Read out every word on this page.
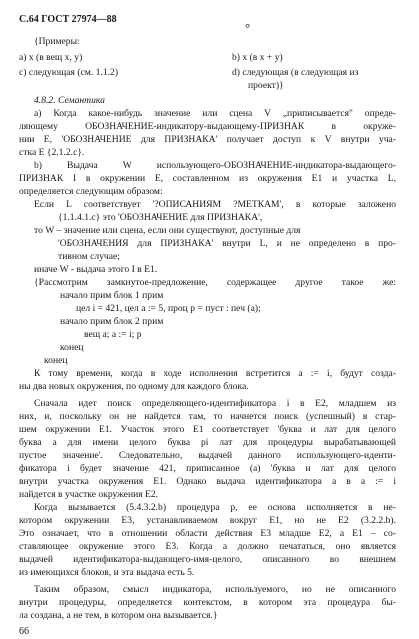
С.64 ГОСТ 27974—88
°
{Примеры:
а) x (в вещ x, y)	b) x (в x + y)
с) следующая (см. 1.1.2)	d) следующая (в следующая из
проект)}
4.8.2. Семантика
а) Когда какое-нибудь значение или сцена V „приписывается" опреде-
ляющему ОБОЗНАЧЕНИЕ-индикатору-выдающему-ПРИЗНАК в окруже-
нии E, 'ОБОЗНАЧЕНИЕ для ПРИЗНАКА' получает доступ к V внутри уча-
стка E {2.1.2.с}.
b) Выдача W использующего-ОБОЗНАЧЕНИЕ-индикатора-выдающего-
ПРИЗНАК I в окружении E, составленном из окружения E1 и участка L,
определяется следующим образом:
Если L соответствует '?ОПИСАНИЯМ ?МЕТКАМ', в которые заложено
{1.1.4.1.с} это 'ОБОЗНАЧЕНИЕ для ПРИЗНАКА',
то W – значение или сцена, если они существуют, доступные для
'ОБОЗНАЧЕНИЯ для ПРИЗНАКА' внутри L, и не определено в про-
тивном случае;
иначе W - выдача этого I в E1.
{Рассмотрим замкнутое-предложение, содержащее другое такое же:
начало прим блок 1 прим
цел i = 421, цел а := 5, проц p = пуст : печ (а);
начало прим блок 2 прим
вещ а; а := i; p
конец
конец
К тому времени, когда в ходе исполнения встретится а := i, будут созда-
ны два новых окружения, по одному для каждого блока.
Сначала идет поиск определяющего-идентификатора i в E2, младшем из
них, и, поскольку он не найдется там, то начнется поиск (успешный) в стар-
шем окружении E1. Участок этого E1 соответствует 'буква и лат для целого
буква а для имени целого буква pi лат для процедуры вырабатывающей
пустое значение'. Следовательно, выдачей данного использующего-иденти-
фикатора i будет значение 421, приписанное (а) 'буква и лат для целого
внутри участка окружения E1. Однако выдача идентификатора а в а := i
найдется в участке окружения E2.
Когда вызывается (5.4.3.2.b) процедура p, ее основа исполняется в не-
котором окружении E3, устанавливаемом вокруг E1, но не E2 (3.2.2.b).
Это означает, что в отношении области действия E3 младше E2, а E1 – со-
ставляющее окружение этого E3. Когда а должно печататься, оно является
выдачей идентификатора-выдающего-имя-целого, описанного во внешнем
из имеющихся блоков, и эта выдача есть 5.
Таким образом, смысл индикатора, используемого, но не описанного
внутри процедуры, определяется контекстом, в котором эта процедура бы-
ла создана, а не тем, в котором она вызывается.}
66
